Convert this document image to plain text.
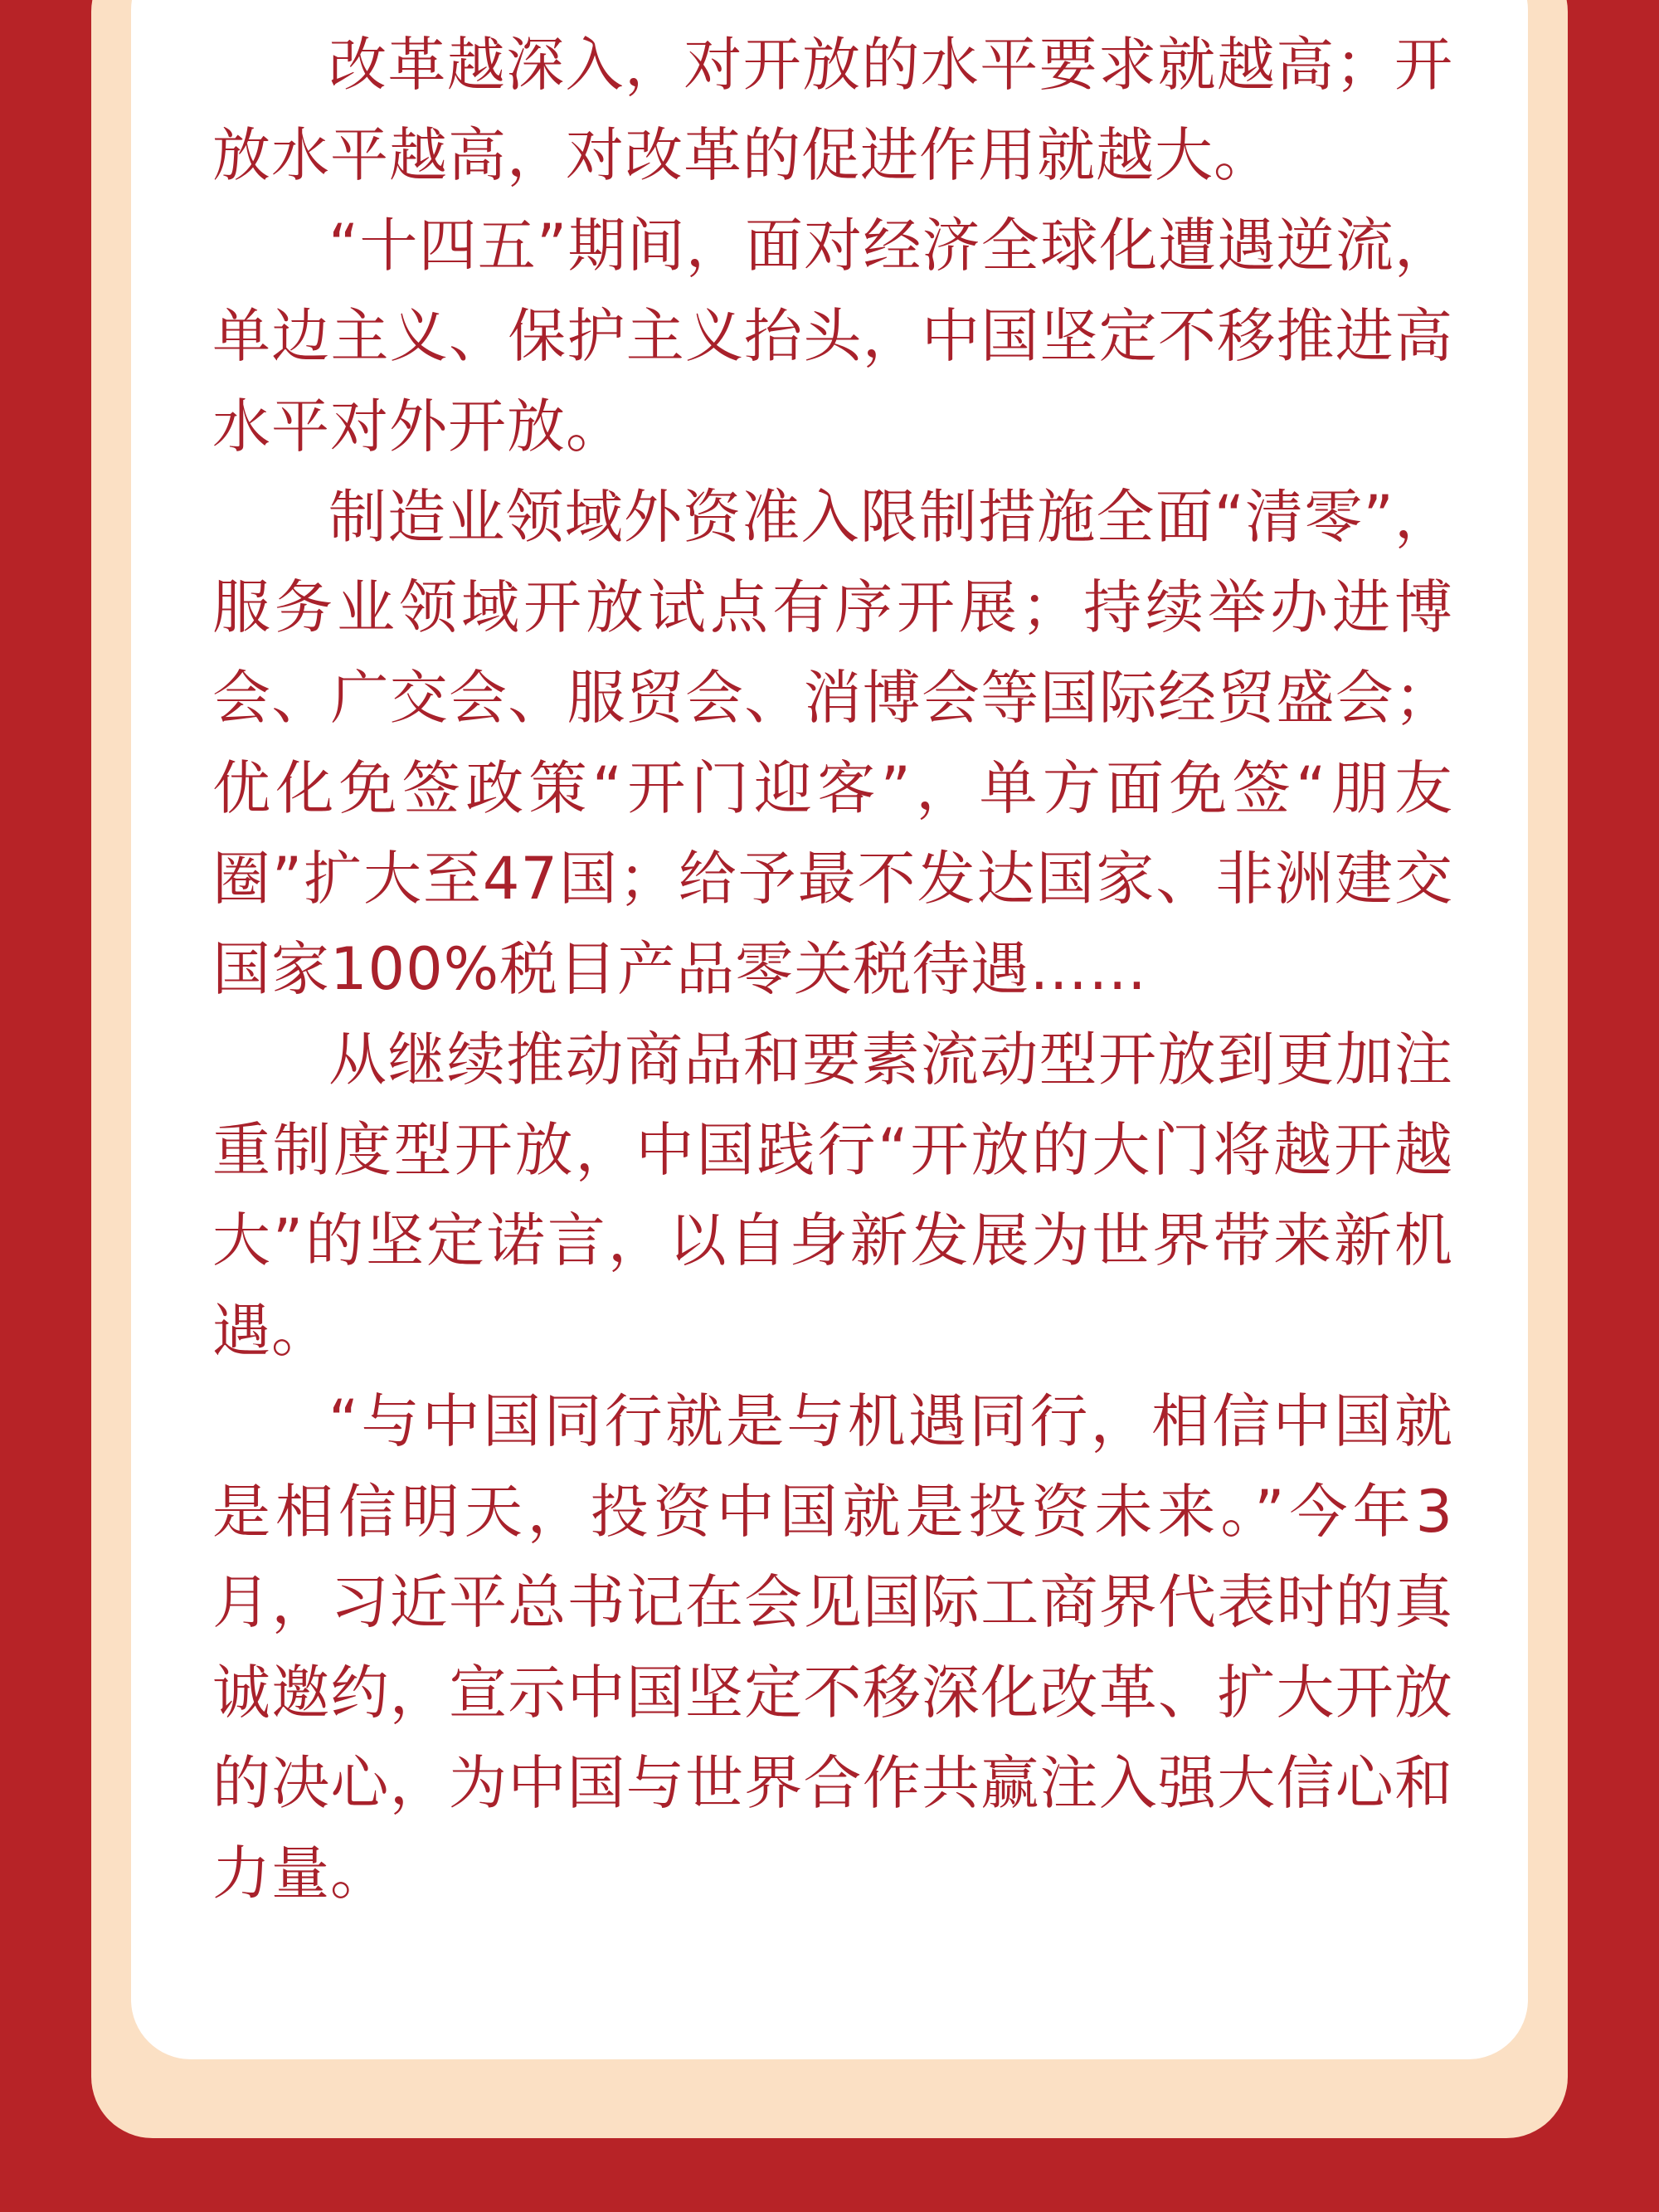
改革越深入，对开放的水平要求就越高；开放水平越高，对改革的促进作用就越大。

“十四五”期间，面对经济全球化遭遇逆流，单边主义、保护主义抬头，中国坚定不移推进高水平对外开放。

制造业领域外资准入限制措施全面“清零”，服务业领域开放试点有序开展；持续举办进博会、广交会、服贸会、消博会等国际经贸盛会；优化免签政策“开门迎客”，单方面免签“朋友圈”扩大至47国；给予最不发达国家、非洲建交国家100%税目产品零关税待遇……

从继续推动商品和要素流动型开放到更加注重制度型开放，中国践行“开放的大门将越开越大”的坚定诺言，以自身新发展为世界带来新机遇。

“与中国同行就是与机遇同行，相信中国就是相信明天，投资中国就是投资未来。”今年3月，习近平总书记在会见国际工商界代表时的真诚邀约，宣示中国坚定不移深化改革、扩大开放的决心，为中国与世界合作共赢注入强大信心和力量。
